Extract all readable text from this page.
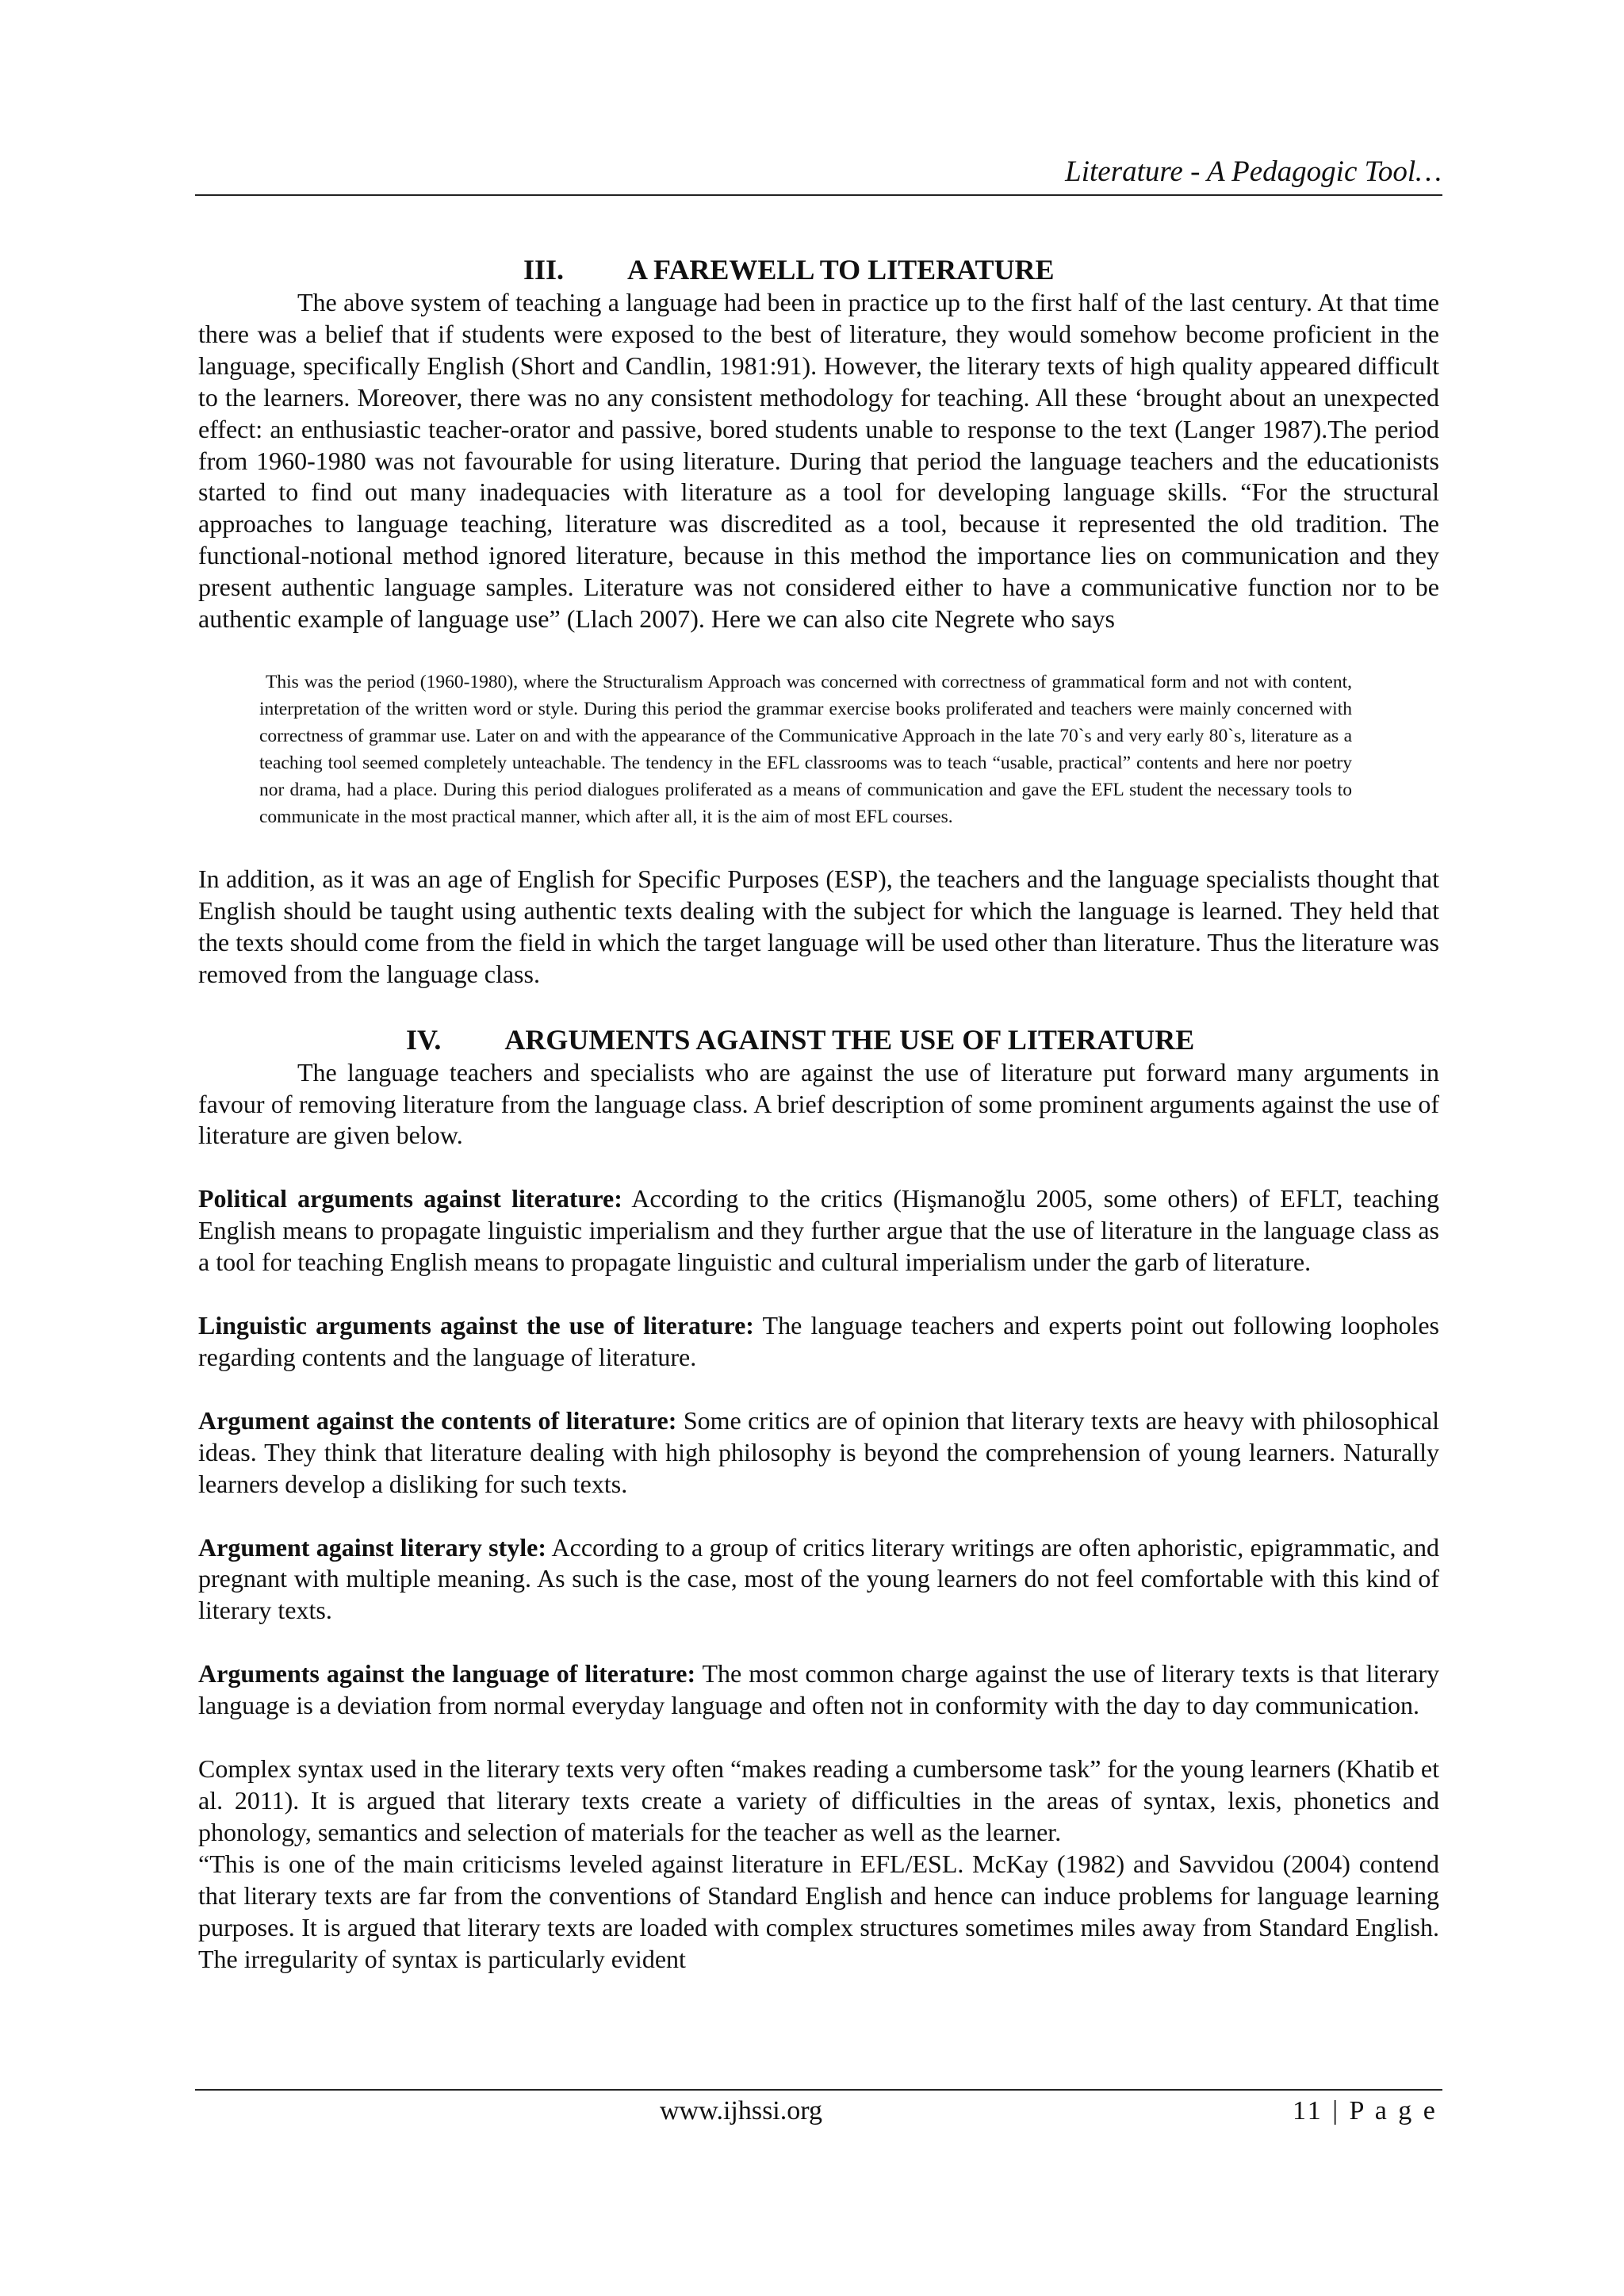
Literature - A Pedagogic Tool…
III. A FAREWELL TO LITERATURE

The above system of teaching a language had been in practice up to the first half of the last century. At that time there was a belief that if students were exposed to the best of literature, they would somehow become proficient in the language, specifically English (Short and Candlin, 1981:91). However, the literary texts of high quality appeared difficult to the learners. Moreover, there was no any consistent methodology for teaching. All these ‘brought about an unexpected effect: an enthusiastic teacher-orator and passive, bored students unable to response to the text (Langer 1987).The period from 1960-1980 was not favourable for using literature. During that period the language teachers and the educationists started to find out many inadequacies with literature as a tool for developing language skills. “For the structural approaches to language teaching, literature was discredited as a tool, because it represented the old tradition. The functional-notional method ignored literature, because in this method the importance lies on communication and they present authentic language samples. Literature was not considered either to have a communicative function nor to be authentic example of language use” (Llach 2007). Here we can also cite Negrete who says

This was the period (1960-1980), where the Structuralism Approach was concerned with correctness of grammatical form and not with content, interpretation of the written word or style. During this period the grammar exercise books proliferated and teachers were mainly concerned with correctness of grammar use. Later on and with the appearance of the Communicative Approach in the late 70`s and very early 80`s, literature as a teaching tool seemed completely unteachable. The tendency in the EFL classrooms was to teach “usable, practical” contents and here nor poetry nor drama, had a place. During this period dialogues proliferated as a means of communication and gave the EFL student the necessary tools to communicate in the most practical manner, which after all, it is the aim of most EFL courses.

In addition, as it was an age of English for Specific Purposes (ESP), the teachers and the language specialists thought that English should be taught using authentic texts dealing with the subject for which the language is learned. They held that the texts should come from the field in which the target language will be used other than literature. Thus the literature was removed from the language class.

IV. ARGUMENTS AGAINST THE USE OF LITERATURE

The language teachers and specialists who are against the use of literature put forward many arguments in favour of removing literature from the language class. A brief description of some prominent arguments against the use of literature are given below.

Political arguments against literature: According to the critics (Hişmanoğlu 2005, some others) of EFLT, teaching English means to propagate linguistic imperialism and they further argue that the use of literature in the language class as a tool for teaching English means to propagate linguistic and cultural imperialism under the garb of literature.

Linguistic arguments against the use of literature: The language teachers and experts point out following loopholes regarding contents and the language of literature.

Argument against the contents of literature: Some critics are of opinion that literary texts are heavy with philosophical ideas. They think that literature dealing with high philosophy is beyond the comprehension of young learners. Naturally learners develop a disliking for such texts.

Argument against literary style: According to a group of critics literary writings are often aphoristic, epigrammatic, and pregnant with multiple meaning. As such is the case, most of the young learners do not feel comfortable with this kind of literary texts.

Arguments against the language of literature: The most common charge against the use of literary texts is that literary language is a deviation from normal everyday language and often not in conformity with the day to day communication.

Complex syntax used in the literary texts very often “makes reading a cumbersome task” for the young learners (Khatib et al. 2011). It is argued that literary texts create a variety of difficulties in the areas of syntax, lexis, phonetics and phonology, semantics and selection of materials for the teacher as well as the learner.

“This is one of the main criticisms leveled against literature in EFL/ESL. McKay (1982) and Savvidou (2004) contend that literary texts are far from the conventions of Standard English and hence can induce problems for language learning purposes. It is argued that literary texts are loaded with complex structures sometimes miles away from Standard English. The irregularity of syntax is particularly evident

www.ijhssi.org	11 | P a g e
